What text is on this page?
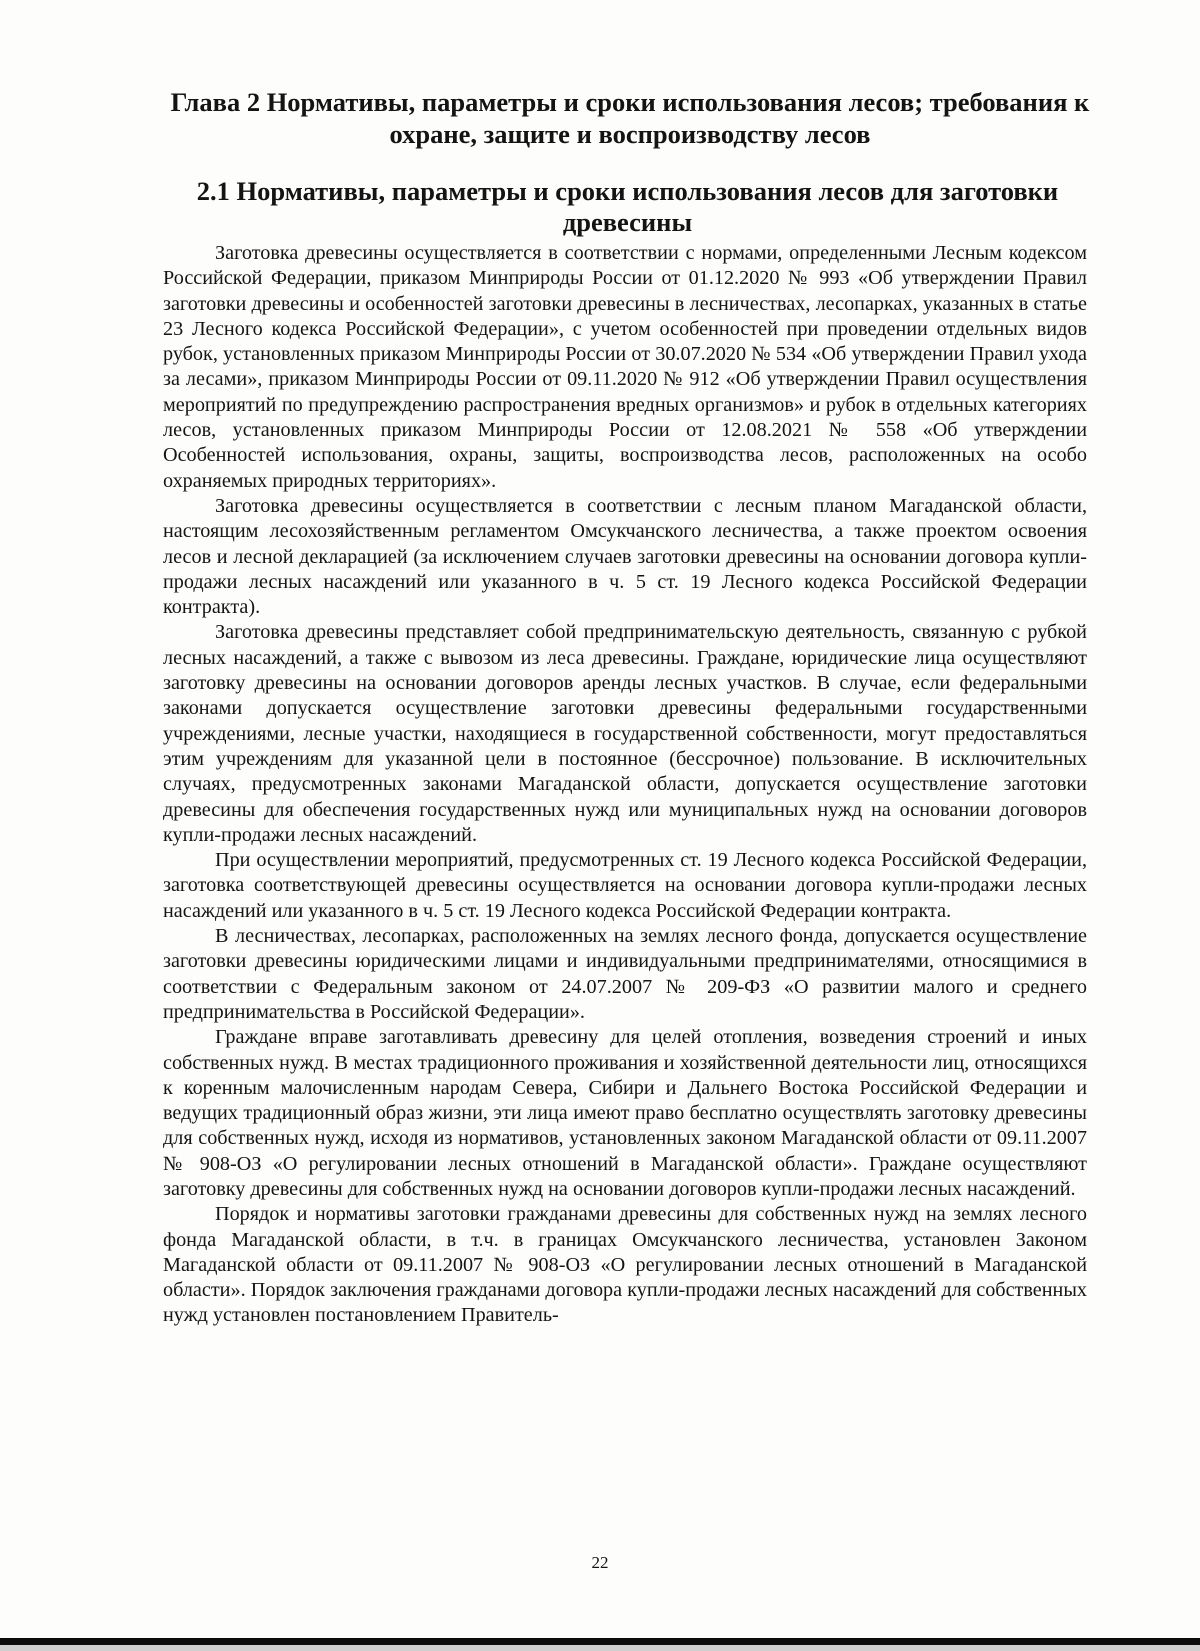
Глава 2 Нормативы, параметры и сроки использования лесов; требования к охране, защите и воспроизводству лесов
2.1 Нормативы, параметры и сроки использования лесов для заготовки древесины

Заготовка древесины осуществляется в соответствии с нормами, определенными Лесным кодексом Российской Федерации, приказом Минприроды России от 01.12.2020 № 993 «Об утверждении Правил заготовки древесины и особенностей заготовки древесины в лесничествах, лесопарках, указанных в статье 23 Лесного кодекса Российской Федерации», с учетом особенностей при проведении отдельных видов рубок, установленных приказом Минприроды России от 30.07.2020 № 534 «Об утверждении Правил ухода за лесами», приказом Минприроды России от 09.11.2020 № 912 «Об утверждении Правил осуществления мероприятий по предупреждению распространения вредных организмов» и рубок в отдельных категориях лесов, установленных приказом Минприроды России от 12.08.2021 № 558 «Об утверждении Особенностей использования, охраны, защиты, воспроизводства лесов, расположенных на особо охраняемых природных территориях».

Заготовка древесины осуществляется в соответствии с лесным планом Магаданской области, настоящим лесохозяйственным регламентом Омсукчанского лесничества, а также проектом освоения лесов и лесной декларацией (за исключением случаев заготовки древесины на основании договора купли-продажи лесных насаждений или указанного в ч. 5 ст. 19 Лесного кодекса Российской Федерации контракта).

Заготовка древесины представляет собой предпринимательскую деятельность, связанную с рубкой лесных насаждений, а также с вывозом из леса древесины. Граждане, юридические лица осуществляют заготовку древесины на основании договоров аренды лесных участков. В случае, если федеральными законами допускается осуществление заготовки древесины федеральными государственными учреждениями, лесные участки, находящиеся в государственной собственности, могут предоставляться этим учреждениям для указанной цели в постоянное (бессрочное) пользование. В исключительных случаях, предусмотренных законами Магаданской области, допускается осуществление заготовки древесины для обеспечения государственных нужд или муниципальных нужд на основании договоров купли-продажи лесных насаждений.

При осуществлении мероприятий, предусмотренных ст. 19 Лесного кодекса Российской Федерации, заготовка соответствующей древесины осуществляется на основании договора купли-продажи лесных насаждений или указанного в ч. 5 ст. 19 Лесного кодекса Российской Федерации контракта.

В лесничествах, лесопарках, расположенных на землях лесного фонда, допускается осуществление заготовки древесины юридическими лицами и индивидуальными предпринимателями, относящимися в соответствии с Федеральным законом от 24.07.2007 № 209-ФЗ «О развитии малого и среднего предпринимательства в Российской Федерации».

Граждане вправе заготавливать древесину для целей отопления, возведения строений и иных собственных нужд. В местах традиционного проживания и хозяйственной деятельности лиц, относящихся к коренным малочисленным народам Севера, Сибири и Дальнего Востока Российской Федерации и ведущих традиционный образ жизни, эти лица имеют право бесплатно осуществлять заготовку древесины для собственных нужд, исходя из нормативов, установленных законом Магаданской области от 09.11.2007 № 908-ОЗ «О регулировании лесных отношений в Магаданской области». Граждане осуществляют заготовку древесины для собственных нужд на основании договоров купли-продажи лесных насаждений.

Порядок и нормативы заготовки гражданами древесины для собственных нужд на землях лесного фонда Магаданской области, в т.ч. в границах Омсукчанского лесничества, установлен Законом Магаданской области от 09.11.2007 № 908-ОЗ «О регулировании лесных отношений в Магаданской области». Порядок заключения гражданами договора купли-продажи лесных насаждений для собственных нужд установлен постановлением Правитель-

22
